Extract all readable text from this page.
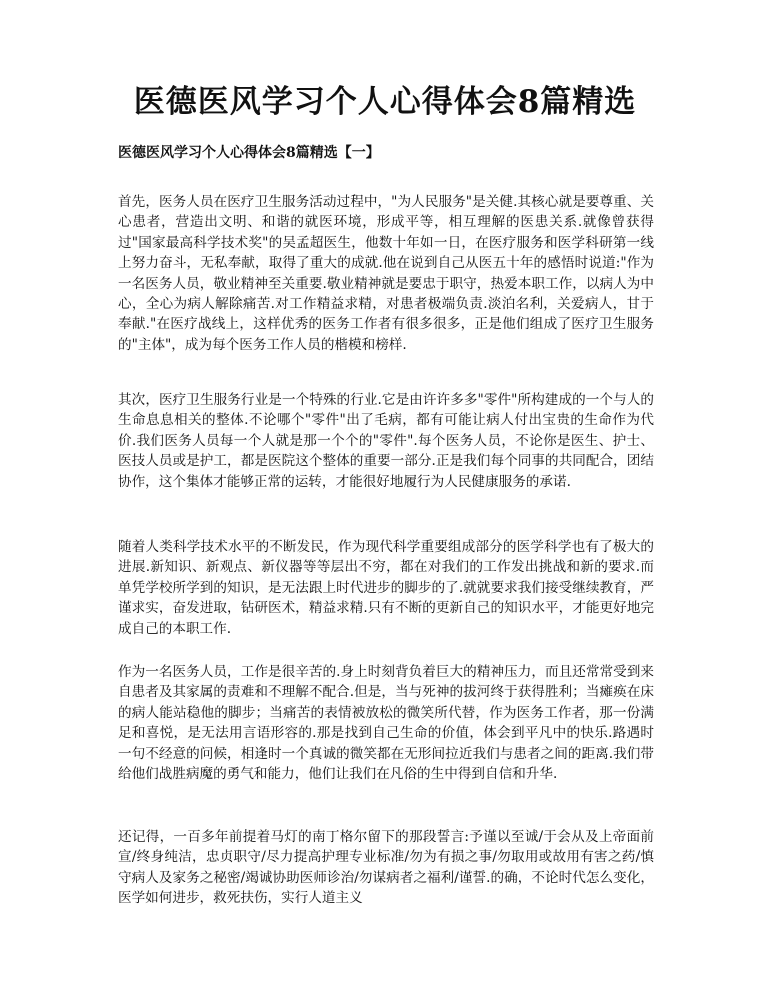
医德医风学习个人心得体会8篇精选
医德医风学习个人心得体会8篇精选【一】

首先，医务人员在医疗卫生服务活动过程中，"为人民服务"是关健.其核心就是要尊重、关心患者，营造出文明、和谐的就医环境，形成平等，相互理解的医患关系.就像曾获得过"国家最高科学技术奖"的吴孟超医生，他数十年如一日，在医疗服务和医学科研第一线上努力奋斗，无私奉献，取得了重大的成就.他在说到自己从医五十年的感悟时说道:"作为一名医务人员，敬业精神至关重要.敬业精神就是要忠于职守，热爱本职工作，以病人为中心，全心为病人解除痛苦.对工作精益求精，对患者极端负责.淡泊名利，关爱病人，甘于奉献."在医疗战线上，这样优秀的医务工作者有很多很多，正是他们组成了医疗卫生服务的"主体"，成为每个医务工作人员的楷模和榜样.

其次，医疗卫生服务行业是一个特殊的行业.它是由许许多多"零件"所构建成的一个与人的生命息息相关的整体.不论哪个"零件"出了毛病，都有可能让病人付出宝贵的生命作为代价.我们医务人员每一个人就是那一个个的"零件".每个医务人员，不论你是医生、护士、医技人员或是护工，都是医院这个整体的重要一部分.正是我们每个同事的共同配合，团结协作，这个集体才能够正常的运转，才能很好地履行为人民健康服务的承诺.

随着人类科学技术水平的不断发民，作为现代科学重要组成部分的医学科学也有了极大的进展.新知识、新观点、新仪器等等层出不穷，都在对我们的工作发出挑战和新的要求.而单凭学校所学到的知识，是无法跟上时代进步的脚步的了.就就要求我们接受继续教育，严谨求实，奋发进取，钻研医术，精益求精.只有不断的更新自己的知识水平，才能更好地完成自己的本职工作.

作为一名医务人员，工作是很辛苦的.身上时刻背负着巨大的精神压力，而且还常常受到来自患者及其家属的责难和不理解不配合.但是，当与死神的拔河终于获得胜利；当瘫痪在床的病人能站稳他的脚步；当痛苦的表情被放松的微笑所代替，作为医务工作者，那一份满足和喜悦，是无法用言语形容的.那是找到自己生命的价值，体会到平凡中的快乐.路遇时一句不经意的问候，相逢时一个真诚的微笑都在无形间拉近我们与患者之间的距离.我们带给他们战胜病魔的勇气和能力，他们让我们在凡俗的生中得到自信和升华.

还记得，一百多年前提着马灯的南丁格尔留下的那段誓言:予谨以至诚/于会从及上帝面前宣/终身纯洁，忠贞职守/尽力提高护理专业标准/勿为有损之事/勿取用或故用有害之药/慎守病人及家务之秘密/竭诚协助医师诊治/勿谋病者之福利/谨誓.的确，不论时代怎么变化，医学如何进步，救死扶伤，实行人道主义
